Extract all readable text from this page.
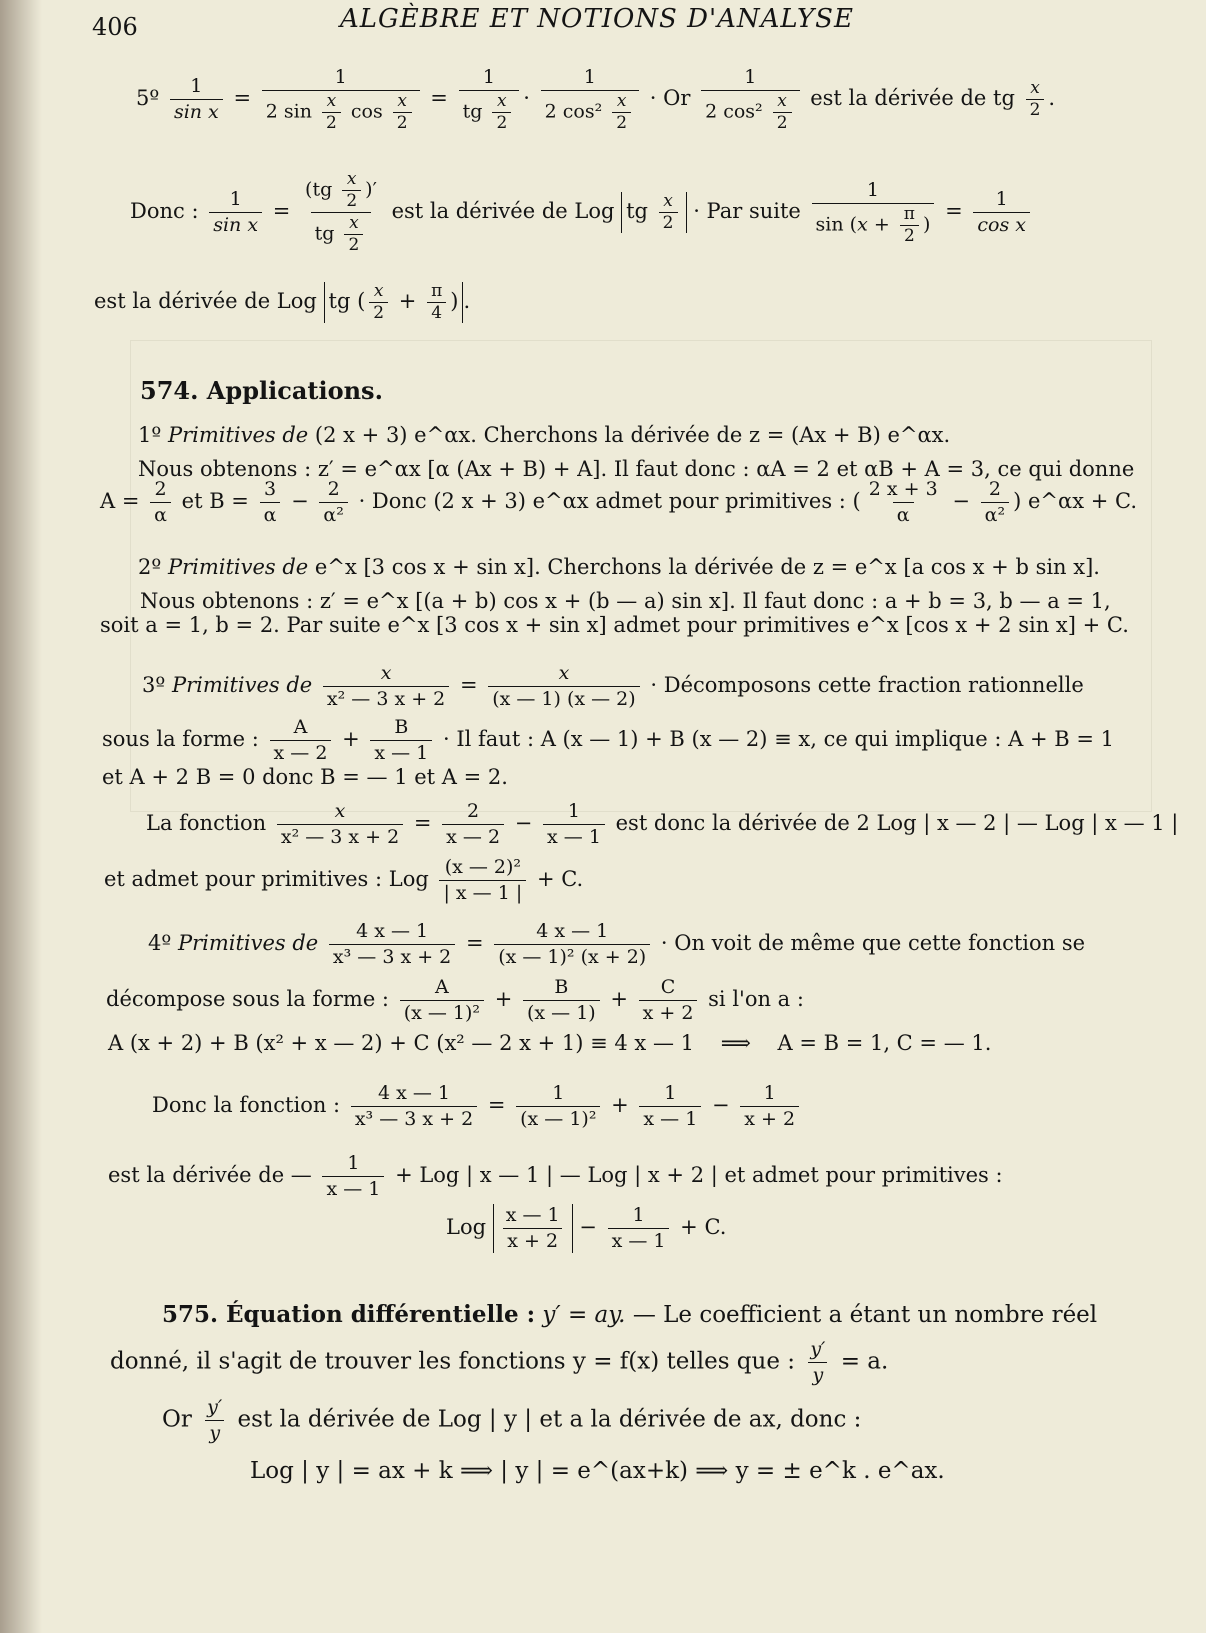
406	ALGÈBRE ET NOTIONS D'ANALYSE
5º $\frac{1}{\text{sin x}} = \frac{1}{2 \sin \frac{x}{2} \cos \frac{x}{2}} = \frac{1}{tg \frac{x}{2}} \cdot \frac{1}{2 \cos^2 \frac{x}{2}} \cdot Or \frac{1}{2 \cos^2 \frac{x}{2}}$ est la dérivée de tg $\frac{x}{2}$ .
Donc : $\frac{1}{\text{sin x}} = \frac{(tg \frac{x}{2} )'}{tg \frac{x}{2}}$ est la dérivée de Log tg $\frac{x}{2}$ · Par suite $\frac{1}{\sin (x + \frac{\pi}{2} )} = \frac{1}{\text{cos x}}$
est la dérivée de Log tg ( $\frac{x}{2} + \frac{\pi}{4}$ ) .
574. Applications.
1º Primitives de (2 x + 3) e^αx. Cherchons la dérivée de z = (Ax + B) e^αx.
Nous obtenons : z′ = e^αx [α (Ax + B) + A]. Il faut donc : αA = 2 et αB + A = 3, ce qui donne
$A = \frac{2}{\alpha}$ et $B = \frac{3}{\alpha} - \frac{2}{\text{α²}}$ · Donc (2 x + 3) e^αx admet pour primitives : ( $\frac{2 x + 3}{\alpha} - \frac{2}{\text{α²}}$ ) e^αx + C.
2º Primitives de e^x [3 cos x + sin x]. Cherchons la dérivée de z = e^x [a cos x + b sin x].
Nous obtenons : z′ = e^x [(a + b) cos x + (b — a) sin x]. Il faut donc : a + b = 3, b — a = 1,
soit a = 1, b = 2. Par suite e^x [3 cos x + sin x] admet pour primitives e^x [cos x + 2 sin x] + C.
3º Primitives de $\frac{x}{\text{x² — 3 x + 2}} = \frac{x}{(x — 1) (x — 2)}$ · Décomposons cette fraction rationnelle
sous la forme : $\frac{A}{x — 2} + \frac{B}{x — 1} \cdot Il$ faut : A (x — 1) + B (x — 2) ≡ x, ce qui implique : A + B = 1
et A + 2 B = 0 donc B = — 1 et A = 2.
La fonction $\frac{x}{\text{x² — 3 x + 2}} = \frac{2}{x — 2} - \frac{1}{x — 1}$ est donc la dérivée de 2 Log | x — 2 | — Log | x — 1 |
et admet pour primitives : Log $\frac{\text{(x — 2)²}}{| x — 1 |} + C$.
4º Primitives de $\frac{4 x — 1}{\text{x³ — 3 x + 2}} = \frac{4 x — 1}{\text{(x — 1)² (x + 2)}} \cdot On$ voit de même que cette fonction se
décompose sous la forme : $\frac{A}{\text{(x — 1)²}} + \frac{B}{(x — 1)} + \frac{C}{x + 2}$ si l'on a :
A (x + 2) + B (x² + x — 2) + C (x² — 2 x + 1) ≡ 4 x — 1 ⟹ A = B = 1, C = — 1.
Donc la fonction : $\frac{4 x — 1}{\text{x³ — 3 x + 2}} = \frac{1}{\text{(x — 1)²}} + \frac{1}{x — 1} - \frac{1}{x + 2}$
est la dérivée de — $\frac{1}{x — 1}$ + Log | x — 1 | — Log | x + 2 | et admet pour primitives :
Log $\frac{x — 1}{x + 2} - \frac{1}{x — 1} + C$.
575. Équation différentielle : y′ = ay. — Le coefficient a étant un nombre réel
donné, il s'agit de trouver les fonctions y = f(x) telles que : $\frac{y'}{y} = a$.
Or $\frac{y'}{y}$ est la dérivée de Log | y | et a la dérivée de ax, donc :
Log | y | = ax + k ⟹ | y | = e^(ax+k) ⟹ y = ± e^k . e^ax.
